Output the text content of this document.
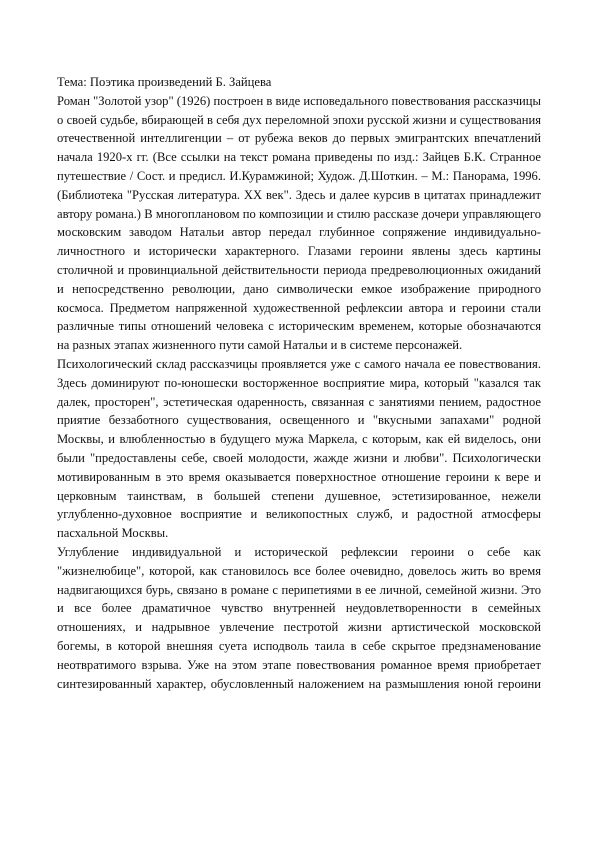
Тема: Поэтика произведений Б. Зайцева

Роман "Золотой узор" (1926) построен в виде исповедального повествования рассказчицы о своей судьбе, вбирающей в себя дух переломной эпохи русской жизни и существования отечественной интеллигенции – от рубежа веков до первых эмигрантских впечатлений начала 1920-х гг. (Все ссылки на текст романа приведены по изд.: Зайцев Б.К. Странное путешествие / Сост. и предисл. И.Курамжиной; Худож. Д.Шоткин. – М.: Панорама, 1996. (Библиотека "Русская литература. XX век". Здесь и далее курсив в цитатах принадлежит автору романа.) В многоплановом по композиции и стилю рассказе дочери управляющего московским заводом Натальи автор передал глубинное сопряжение индивидуально-личностного и исторически характерного. Глазами героини явлены здесь картины столичной и провинциальной действительности периода предреволюционных ожиданий и непосредственно революции, дано символически емкое изображение природного космоса. Предметом напряженной художественной рефлексии автора и героини стали различные типы отношений человека с историческим временем, которые обозначаются на разных этапах жизненного пути самой Натальи и в системе персонажей.

Психологический склад рассказчицы проявляется уже с самого начала ее повествования. Здесь доминируют по-юношески восторженное восприятие мира, который "казался так далек, просторен", эстетическая одаренность, связанная с занятиями пением, радостное приятие беззаботного существования, освещенного и "вкусными запахами" родной Москвы, и влюбленностью в будущего мужа Маркела, с которым, как ей виделось, они были "предоставлены себе, своей молодости, жажде жизни и любви". Психологически мотивированным в это время оказывается поверхностное отношение героини к вере и церковным таинствам, в большей степени душевное, эстетизированное, нежели углубленно-духовное восприятие и великопостных служб, и радостной атмосферы пасхальной Москвы.

Углубление индивидуальной и исторической рефлексии героини о себе как "жизнелюбице", которой, как становилось все более очевидно, довелось жить во время надвигающихся бурь, связано в романе с перипетиями в ее личной, семейной жизни. Это и все более драматичное чувство внутренней неудовлетворенности в семейных отношениях, и надрывное увлечение пестротой жизни артистической московской богемы, в которой внешняя суета исподволь таила в себе скрытое предзнаменование неотвратимого взрыва. Уже на этом этапе повествования романное время приобретает синтезированный характер, обусловленный наложением на размышления юной героини
